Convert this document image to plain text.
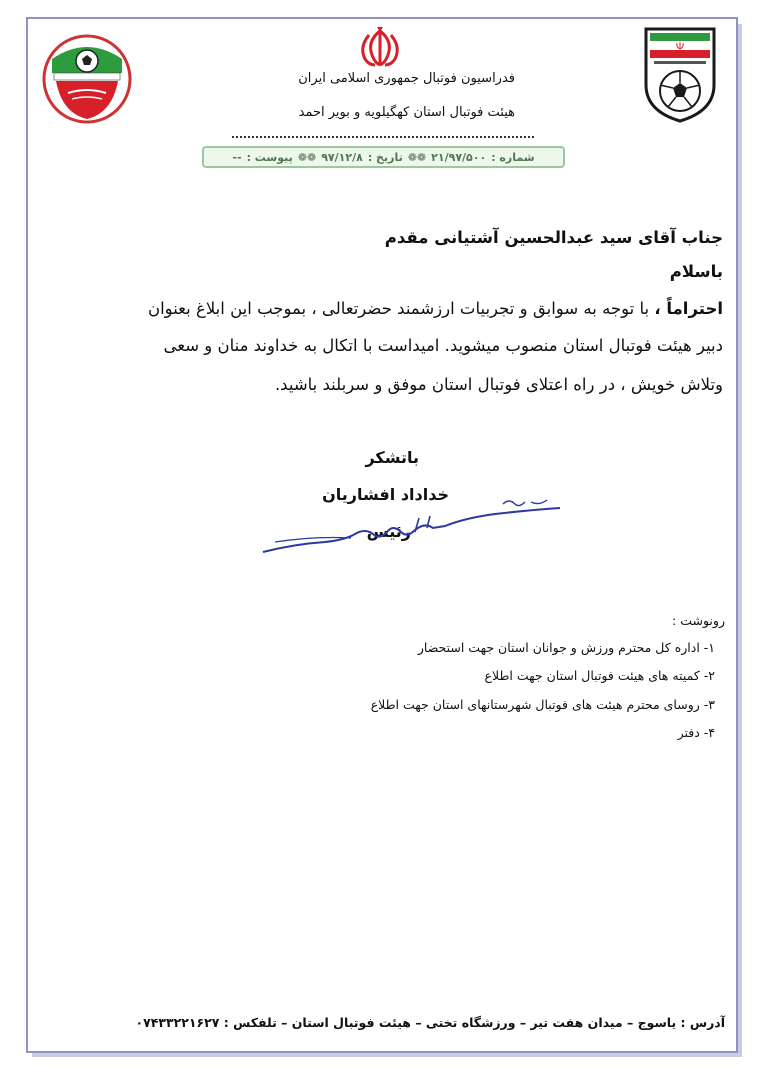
فدراسیون فوتبال جمهوری اسلامی ایران
هیئت فوتبال استان کهگیلویه و بویر احمد
شماره :
۲۱/۹۷/۵۰۰
❁❁
تاریخ :
۹۷/۱۲/۸
❁❁
پیوست :
--
جناب آقای سید عبدالحسین آشتیانی مقدم
باسلام
احتراماً ، با توجه به سوابق و تجربیات ارزشمند حضرتعالی ، بموجب این ابلاغ بعنوان
دبیر هیئت فوتبال استان منصوب میشوید. امیداست با اتکال به خداوند منان و سعی
وتلاش خویش ، در راه اعتلای فوتبال استان موفق و سربلند باشید.
باتشکر
خداداد افشاریان
رئیس
رونوشت :
۱- اداره کل محترم ورزش و جوانان استان جهت استحضار
۲- کمیته های هیئت فوتبال استان جهت اطلاع
۳- روسای محترم هیئت های فوتبال شهرستانهای استان جهت اطلاع
۴- دفتر
آدرس : یاسوج – میدان هفت تیر – ورزشگاه تختی – هیئت فوتبال استان – تلفکس : ۰۷۴۳۳۲۲۱۶۲۷
